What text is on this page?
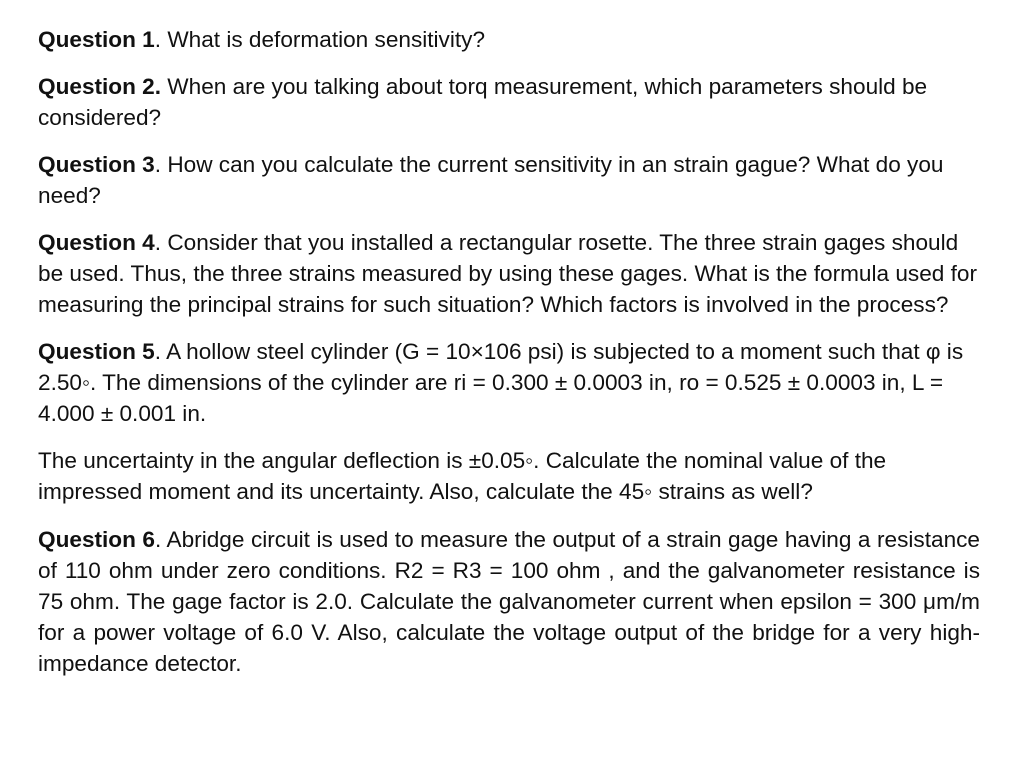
Question 1. What is deformation sensitivity?

Question 2. When are you talking about torq measurement, which parameters should be considered?

Question 3. How can you calculate the current sensitivity in an strain gague? What do you need?

Question 4. Consider that you installed a rectangular rosette. The three strain gages should be used. Thus, the three strains measured by using these gages. What is the formula used for measuring the principal strains for such situation? Which factors is involved in the process?

Question 5. A hollow steel cylinder (G = 10×106 psi) is subjected to a moment such that φ is 2.50◦. The dimensions of the cylinder are ri = 0.300 ± 0.0003 in, ro = 0.525 ± 0.0003 in, L = 4.000 ± 0.001 in.

The uncertainty in the angular deflection is ±0.05◦. Calculate the nominal value of the impressed moment and its uncertainty. Also, calculate the 45◦ strains as well?

Question 6. Abridge circuit is used to measure the output of a strain gage having a resistance of 110 ohm under zero conditions. R2 = R3 = 100 ohm , and the galvanometer resistance is 75 ohm. The gage factor is 2.0. Calculate the galvanometer current when epsilon = 300 μm/m for a power voltage of 6.0 V. Also, calculate the voltage output of the bridge for a very high-impedance detector.
